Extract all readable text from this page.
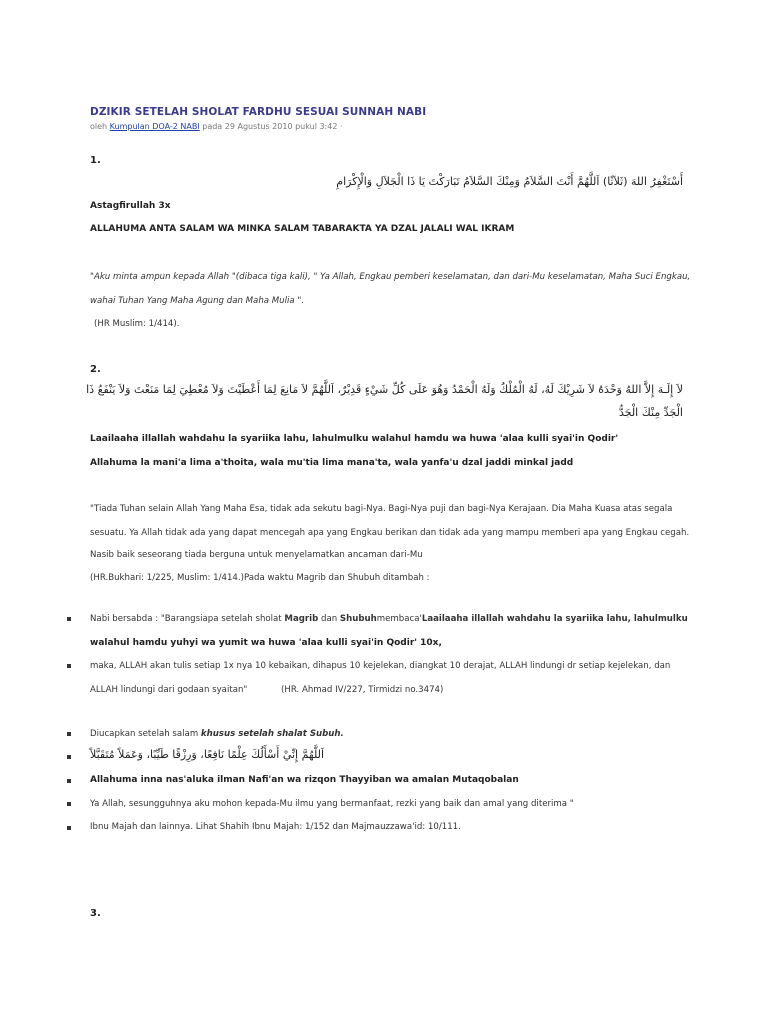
DZIKIR SETELAH SHOLAT FARDHU SESUAI SUNNAH NABI
oleh Kumpulan DOA-2 NABI pada 29 Agustus 2010 pukul 3:42 ·
1.
أَسْتَغْفِرُ اللهَ (ثَلاَثًا) اَللَّهُمَّ أَنْتَ السَّلاَمُ وَمِنْكَ السَّلاَمُ تَبَارَكْتَ يَا ذَا الْجَلاَلِ وَالْإِكْرَامِ
Astagfirullah 3x
ALLAHUMA ANTA SALAM WA MINKA SALAM TABARAKTA YA DZAL JALALI WAL IKRAM
"Aku minta ampun kepada Allah "(dibaca tiga kali), " Ya Allah, Engkau pemberi keselamatan, dan dari-Mu keselamatan, Maha Suci Engkau,
wahai Tuhan Yang Maha Agung dan Maha Mulia ".
(HR Muslim: 1/414).
2.
لاَ إِلَـهَ إِلاَّ اللهُ وَحْدَهُ لاَ شَرِيْكَ لَهُ، لَهُ الْمُلْكُ وَلَهُ الْحَمْدُ وَهُوَ عَلَى كُلِّ شَيْءٍ قَدِيْرٌ، اَللَّهُمَّ لاَ مَانِعَ لِمَا أَعْطَيْتَ وَلاَ مُعْطِيَ لِمَا مَنَعْتَ وَلاَ يَنْفَعُ ذَا
الْجَدِّ مِنْكَ الْجَدُّ
Laailaaha illallah wahdahu la syariika lahu, lahulmulku walahul hamdu wa huwa 'alaa kulli syai'in Qodir'
Allahuma la mani'a lima a'thoita, wala mu'tia lima mana'ta, wala yanfa'u dzal jaddi minkal jadd
"Tiada Tuhan selain Allah Yang Maha Esa, tidak ada sekutu bagi-Nya. Bagi-Nya puji dan bagi-Nya Kerajaan. Dia Maha Kuasa atas segala
sesuatu. Ya Allah tidak ada yang dapat mencegah apa yang Engkau berikan dan tidak ada yang mampu memberi apa yang Engkau cegah.
Nasib baik seseorang tiada berguna untuk menyelamatkan ancaman dari-Mu
(HR.Bukhari: 1/225, Muslim: 1/414.)Pada waktu Magrib dan Shubuh ditambah :
Nabi bersabda : "Barangsiapa setelah sholat Magrib dan Shubuhmembaca'Laailaaha illallah wahdahu la syariika lahu, lahulmulku
walahul hamdu yuhyi wa yumit wa huwa 'alaa kulli syai'in Qodir' 10x,
maka, ALLAH akan tulis setiap 1x nya 10 kebaikan, dihapus 10 kejelekan, diangkat 10 derajat, ALLAH lindungi dr setiap kejelekan, dan
ALLAH lindungi dari godaan syaitan"	(HR. Ahmad IV/227, Tirmidzi no.3474)
Diucapkan setelah salam khusus setelah shalat Subuh.
اَللَّهُمَّ إِنِّيْ أَسْأَلُكَ عِلْمًا نَافِعًا، وَرِزْقًا طَيِّبًا، وَعَمَلاً مُتَقَبَّلاً
Allahuma inna nas'aluka ilman Nafi'an wa rizqon Thayyiban wa amalan Mutaqobalan
Ya Allah, sesungguhnya aku mohon kepada-Mu ilmu yang bermanfaat, rezki yang baik dan amal yang diterima "
Ibnu Majah dan lainnya. Lihat Shahih Ibnu Majah: 1/152 dan Majmauzzawa'id: 10/111.
3.
